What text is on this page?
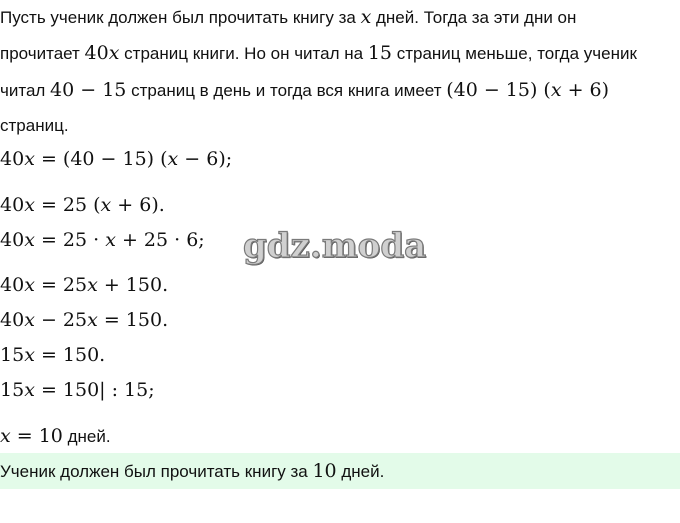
Пусть ученик должен был прочитать книгу за x дней. Тогда за эти дни он
прочитает 40x страниц книги. Но он читал на 15 страниц меньше, тогда ученик
читал 40 − 15 страниц в день и тогда вся книга имеет (40 − 15) (x + 6)
страниц.
40x = (40 − 15) (x − 6);
40x = 25 (x + 6).
40x = 25 · x + 25 · 6;
40x = 25x + 150.
40x − 25x = 150.
15x = 150.
15x = 150| : 15;
x = 10 дней.
Ученик должен был прочитать книгу за 10 дней.
gdz.moda
